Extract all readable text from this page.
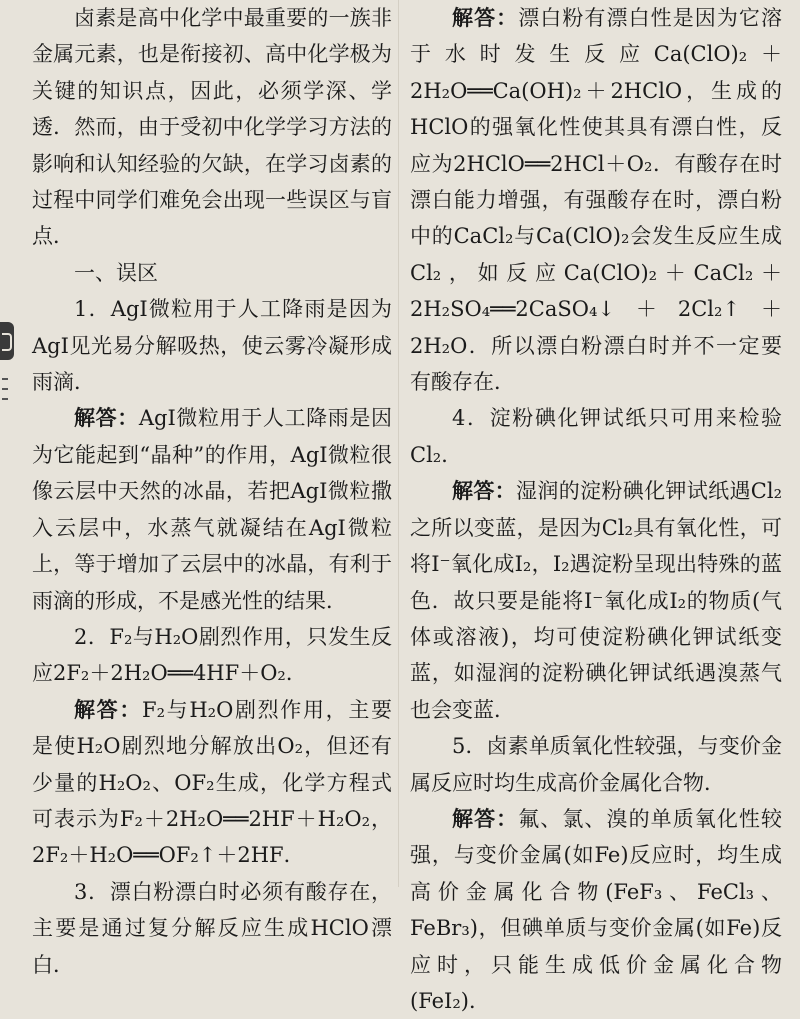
卤素是高中化学中最重要的一族非金属元素，也是衔接初、高中化学极为关键的知识点，因此，必须学深、学透．然而，由于受初中化学学习方法的影响和认知经验的欠缺，在学习卤素的过程中同学们难免会出现一些误区与盲点．

一、误区

1．AgI微粒用于人工降雨是因为AgI见光易分解吸热，使云雾冷凝形成雨滴．

解答：AgI微粒用于人工降雨是因为它能起到“晶种”的作用，AgI微粒很像云层中天然的冰晶，若把AgI微粒撒入云层中，水蒸气就凝结在AgI微粒上，等于增加了云层中的冰晶，有利于雨滴的形成，不是感光性的结果．

2．F₂与H₂O剧烈作用，只发生反应2F₂＋2H₂O══4HF＋O₂．

解答：F₂与H₂O剧烈作用，主要是使H₂O剧烈地分解放出O₂，但还有少量的H₂O₂、OF₂生成，化学方程式可表示为F₂＋2H₂O══2HF＋H₂O₂，2F₂＋H₂O══OF₂↑＋2HF．

3．漂白粉漂白时必须有酸存在，主要是通过复分解反应生成HClO漂白．

解答：漂白粉有漂白性是因为它溶于水时发生反应Ca(ClO)₂＋2H₂O══Ca(OH)₂＋2HClO，生成的HClO的强氧化性使其具有漂白性，反应为2HClO══2HCl＋O₂．有酸存在时漂白能力增强，有强酸存在时，漂白粉中的CaCl₂与Ca(ClO)₂会发生反应生成Cl₂，如反应Ca(ClO)₂＋CaCl₂＋2H₂SO₄══2CaSO₄↓＋2Cl₂↑＋2H₂O．所以漂白粉漂白时并不一定要有酸存在．

4．淀粉碘化钾试纸只可用来检验Cl₂．

解答：湿润的淀粉碘化钾试纸遇Cl₂之所以变蓝，是因为Cl₂具有氧化性，可将I⁻氧化成I₂，I₂遇淀粉呈现出特殊的蓝色．故只要是能将I⁻氧化成I₂的物质(气体或溶液)，均可使淀粉碘化钾试纸变蓝，如湿润的淀粉碘化钾试纸遇溴蒸气也会变蓝．

5．卤素单质氧化性较强，与变价金属反应时均生成高价金属化合物．

解答：氟、氯、溴的单质氧化性较强，与变价金属(如Fe)反应时，均生成高价金属化合物(FeF₃、FeCl₃、FeBr₃)，但碘单质与变价金属(如Fe)反应时，只能生成低价金属化合物(FeI₂)．
